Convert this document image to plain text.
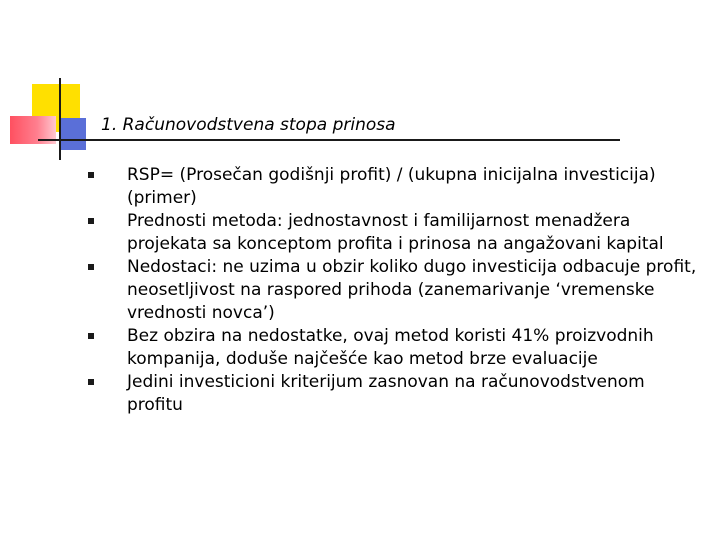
1. Računovodstvena stopa prinosa
RSP= (Prosečan godišnji profit) / (ukupna inicijalna investicija) (primer)
Prednosti metoda: jednostavnost i familijarnost menadžera projekata sa konceptom profita i prinosa na angažovani kapital
Nedostaci: ne uzima u obzir koliko dugo investicija odbacuje profit, neosetljivost na raspored prihoda (zanemarivanje ‘vremenske vrednosti novca’)
Bez obzira na nedostatke, ovaj metod koristi 41% proizvodnih kompanija, doduše najčešće kao metod brze evaluacije
Jedini investicioni kriterijum zasnovan na računovodstvenom profitu
